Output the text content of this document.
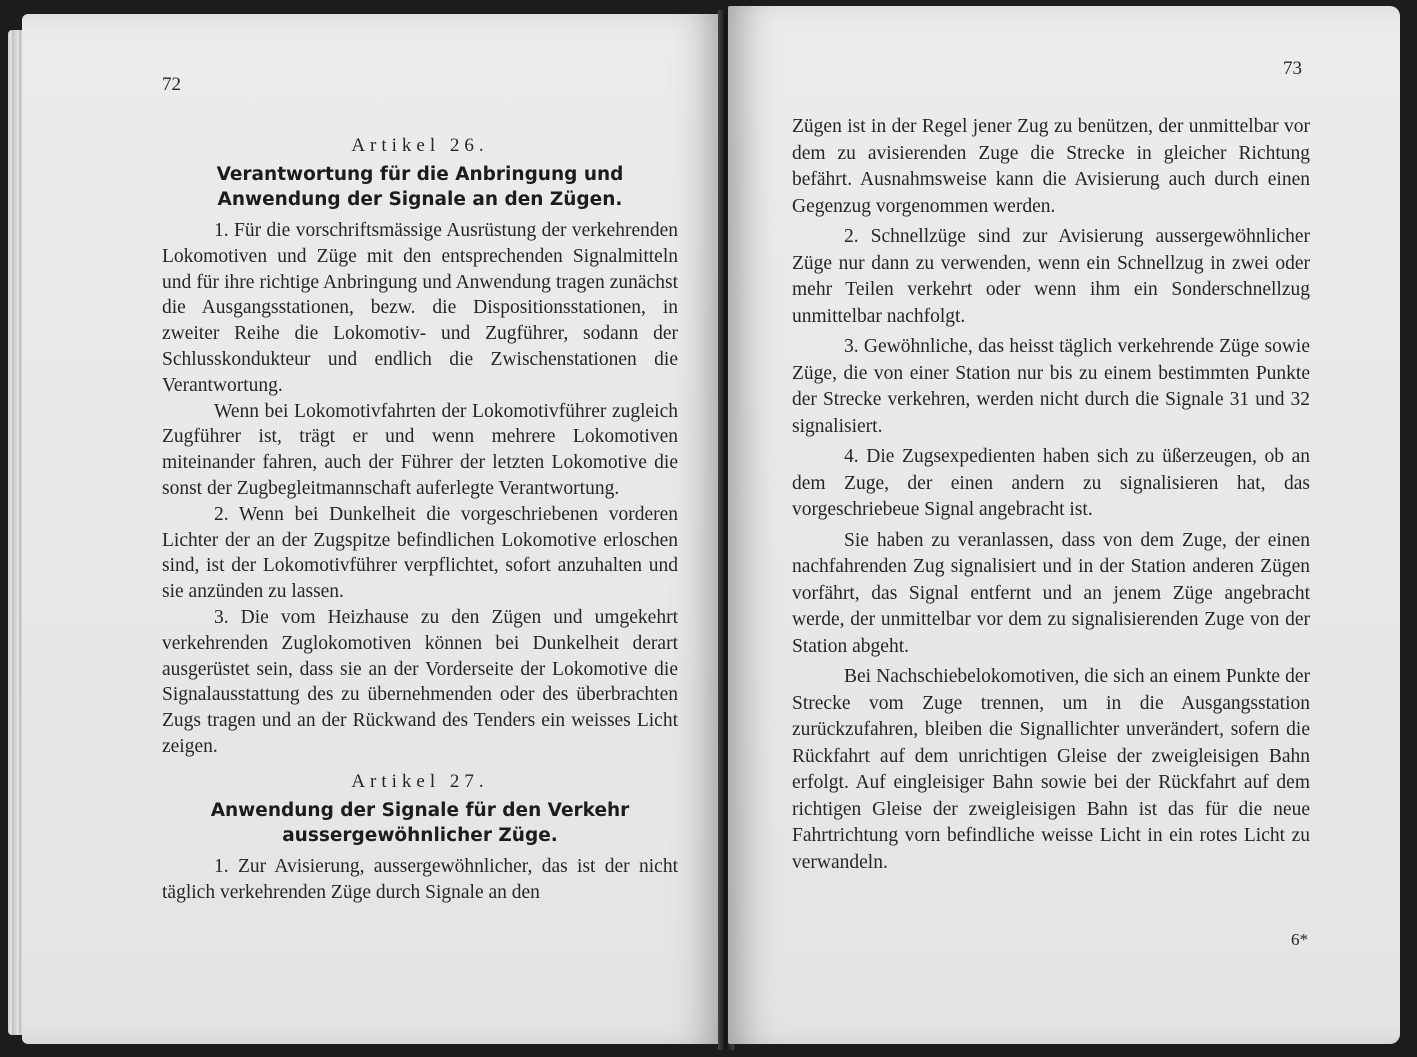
72
Artikel 26.
Verantwortung für die Anbringung und Anwendung der Signale an den Zügen.

1. Für die vorschriftsmässige Ausrüstung der verkehrenden Lokomotiven und Züge mit den entsprechenden Signalmitteln und für ihre richtige Anbringung und Anwendung tragen zunächst die Ausgangsstationen, bezw. die Dispositionsstationen, in zweiter Reihe die Lokomotiv- und Zugführer, sodann der Schlusskondukteur und endlich die Zwischenstationen die Verantwortung.

Wenn bei Lokomotivfahrten der Lokomotivführer zugleich Zugführer ist, trägt er und wenn mehrere Lokomotiven miteinander fahren, auch der Führer der letzten Lokomotive die sonst der Zugbegleitmannschaft auferlegte Verantwortung.

2. Wenn bei Dunkelheit die vorgeschriebenen vorderen Lichter der an der Zugspitze befindlichen Lokomotive erloschen sind, ist der Lokomotivführer verpflichtet, sofort anzuhalten und sie anzünden zu lassen.

3. Die vom Heizhause zu den Zügen und umgekehrt verkehrenden Zuglokomotiven können bei Dunkelheit derart ausgerüstet sein, dass sie an der Vorderseite der Lokomotive die Signalausstattung des zu übernehmenden oder des überbrachten Zugs tragen und an der Rückwand des Tenders ein weisses Licht zeigen.

Artikel 27.
Anwendung der Signale für den Verkehr aussergewöhnlicher Züge.

1. Zur Avisierung, aussergewöhnlicher, das ist der nicht täglich verkehrenden Züge durch Signale an den

73

Zügen ist in der Regel jener Zug zu benützen, der unmittelbar vor dem zu avisierenden Zuge die Strecke in gleicher Richtung befährt. Ausnahmsweise kann die Avisierung auch durch einen Gegenzug vorgenommen werden.

2. Schnellzüge sind zur Avisierung aussergewöhnlicher Züge nur dann zu verwenden, wenn ein Schnellzug in zwei oder mehr Teilen verkehrt oder wenn ihm ein Sonderschnellzug unmittelbar nachfolgt.

3. Gewöhnliche, das heisst täglich verkehrende Züge sowie Züge, die von einer Station nur bis zu einem bestimmten Punkte der Strecke verkehren, werden nicht durch die Signale 31 und 32 signalisiert.

4. Die Zugsexpedienten haben sich zu üßerzeugen, ob an dem Zuge, der einen andern zu signalisieren hat, das vorgeschriebeue Signal angebracht ist.

Sie haben zu veranlassen, dass von dem Zuge, der einen nachfahrenden Zug signalisiert und in der Station anderen Zügen vorfährt, das Signal entfernt und an jenem Züge angebracht werde, der unmittelbar vor dem zu signalisierenden Zuge von der Station abgeht.

Bei Nachschiebelokomotiven, die sich an einem Punkte der Strecke vom Zuge trennen, um in die Ausgangsstation zurückzufahren, bleiben die Signallichter unverändert, sofern die Rückfahrt auf dem unrichtigen Gleise der zweigleisigen Bahn erfolgt. Auf eingleisiger Bahn sowie bei der Rückfahrt auf dem richtigen Gleise der zweigleisigen Bahn ist das für die neue Fahrtrichtung vorn befindliche weisse Licht in ein rotes Licht zu verwandeln.

6*
